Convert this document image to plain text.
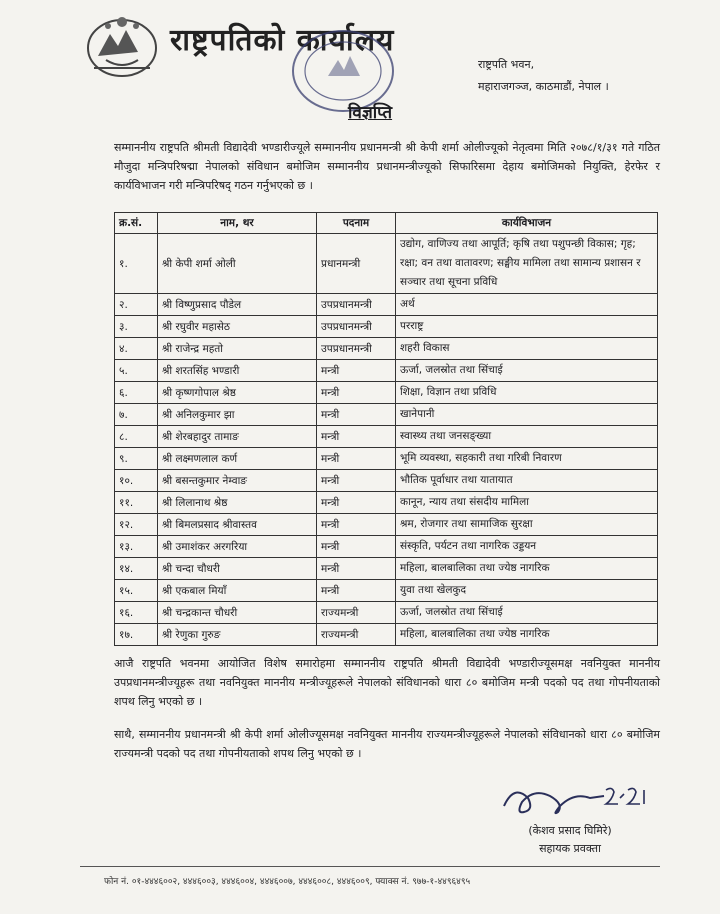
राष्ट्रपतिको कार्यालय
राष्ट्रपति भवन,
महाराजगञ्ज, काठमाडौं, नेपाल ।
विज्ञप्ति
सम्माननीय राष्ट्रपति श्रीमती विद्यादेवी भण्डारीज्यूले सम्माननीय प्रधानमन्त्री श्री केपी शर्मा ओलीज्यूको नेतृत्वमा मिति २०७८/१/३१ गते गठित मौजुदा मन्त्रिपरिषद्मा नेपालको संविधान बमोजिम सम्माननीय प्रधानमन्त्रीज्यूको सिफारिसमा देहाय बमोजिमको नियुक्ति, हेरफेर र कार्यविभाजन गरी मन्त्रिपरिषद् गठन गर्नुभएको छ ।
क्र.सं.	नाम, थर	पदनाम	कार्यविभाजन
१.	श्री केपी शर्मा ओली	प्रधानमन्त्री	उद्योग, वाणिज्य तथा आपूर्ति; कृषि तथा पशुपन्छी विकास; गृह; रक्षा; वन तथा वातावरण; सङ्घीय मामिला तथा सामान्य प्रशासन र सञ्चार तथा सूचना प्रविधि
२.	श्री विष्णुप्रसाद पौडेल	उपप्रधानमन्त्री	अर्थ
३.	श्री रघुवीर महासेठ	उपप्रधानमन्त्री	परराष्ट्र
४.	श्री राजेन्द्र महतो	उपप्रधानमन्त्री	शहरी विकास
५.	श्री शरतसिंह भण्डारी	मन्त्री	ऊर्जा, जलस्रोत तथा सिंचाई
६.	श्री कृष्णगोपाल श्रेष्ठ	मन्त्री	शिक्षा, विज्ञान तथा प्रविधि
७.	श्री अनिलकुमार झा	मन्त्री	खानेपानी
८.	श्री शेरबहादुर तामाङ	मन्त्री	स्वास्थ्य तथा जनसङ्ख्या
९.	श्री लक्ष्मणलाल कर्ण	मन्त्री	भूमि व्यवस्था, सहकारी तथा गरिबी निवारण
१०.	श्री बसन्तकुमार नेम्वाङ	मन्त्री	भौतिक पूर्वाधार तथा यातायात
११.	श्री लिलानाथ श्रेष्ठ	मन्त्री	कानून, न्याय तथा संसदीय मामिला
१२.	श्री बिमलप्रसाद श्रीवास्तव	मन्त्री	श्रम, रोजगार तथा सामाजिक सुरक्षा
१३.	श्री उमाशंकर अरगरिया	मन्त्री	संस्कृति, पर्यटन तथा नागरिक उड्डयन
१४.	श्री चन्दा चौधरी	मन्त्री	महिला, बालबालिका तथा ज्येष्ठ नागरिक
१५.	श्री एकबाल मियाँ	मन्त्री	युवा तथा खेलकुद
१६.	श्री चन्द्रकान्त चौधरी	राज्यमन्त्री	ऊर्जा, जलस्रोत तथा सिंचाई
१७.	श्री रेणुका गुरुङ	राज्यमन्त्री	महिला, बालबालिका तथा ज्येष्ठ नागरिक
आजै राष्ट्रपति भवनमा आयोजित विशेष समारोहमा सम्माननीय राष्ट्रपति श्रीमती विद्यादेवी भण्डारीज्यूसमक्ष नवनियुक्त माननीय उपप्रधानमन्त्रीज्यूहरू तथा नवनियुक्त माननीय मन्त्रीज्यूहरूले नेपालको संविधानको धारा ८० बमोजिम मन्त्री पदको पद तथा गोपनीयताको शपथ लिनु भएको छ ।
साथै, सम्माननीय प्रधानमन्त्री श्री केपी शर्मा ओलीज्यूसमक्ष नवनियुक्त माननीय राज्यमन्त्रीज्यूहरूले नेपालको संविधानको धारा ८० बमोजिम राज्यमन्त्री पदको पद तथा गोपनीयताको शपथ लिनु भएको छ ।
(केशव प्रसाद घिमिरे)
सहायक प्रवक्ता
फोन नं. ०१-४४४६००२, ४४४६००३, ४४४६००४, ४४४६००७, ४४४६००८, ४४४६००९, फ्याक्स नं. ९७७-१-४४९६४९५
